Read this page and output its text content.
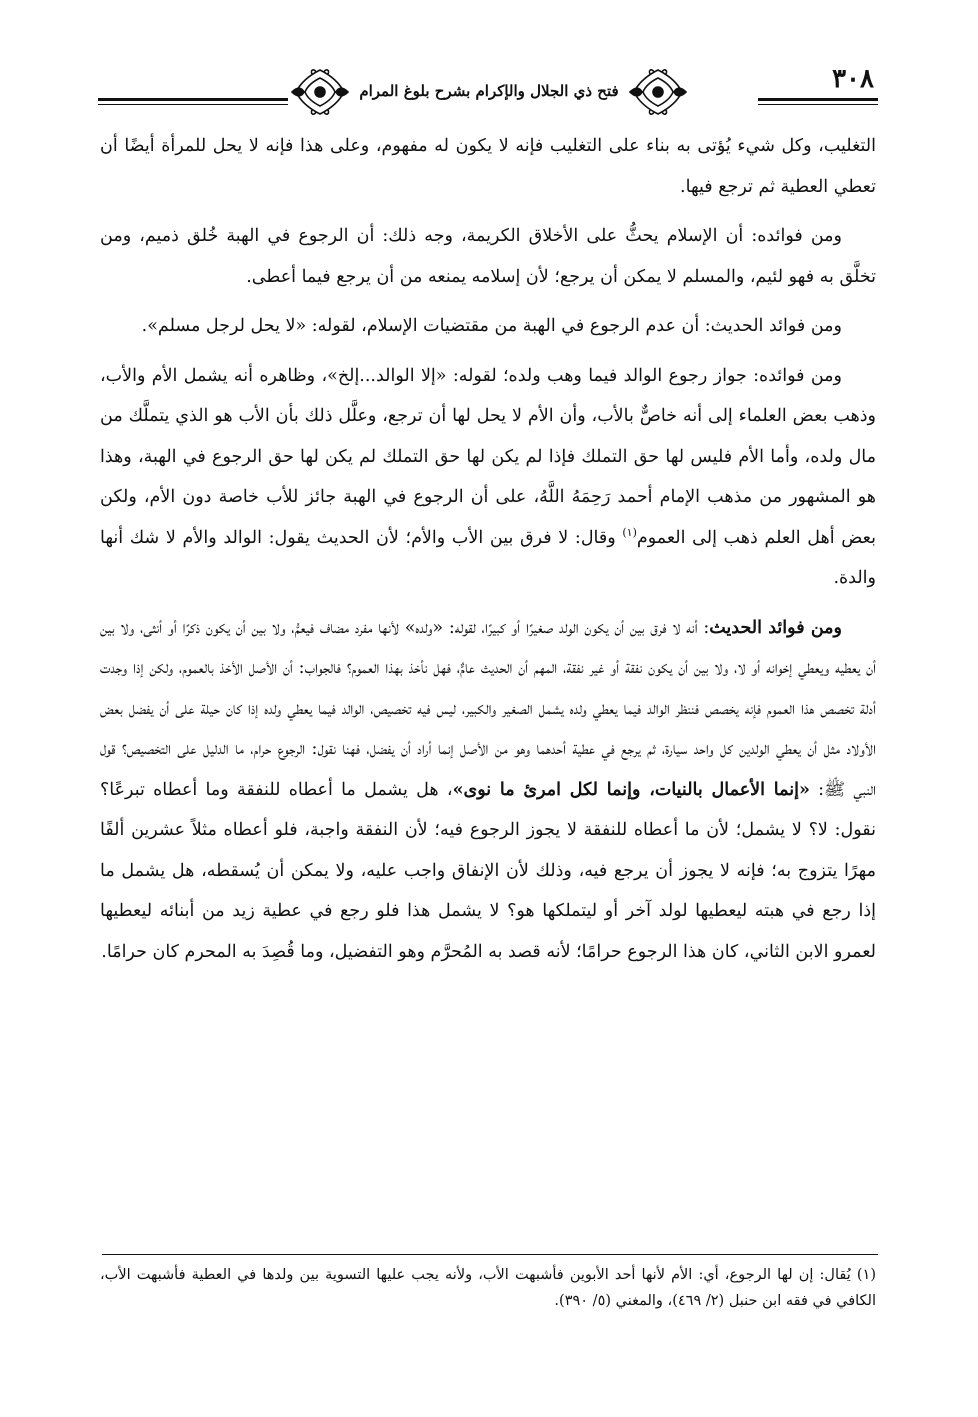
فتح ذي الجلال والإكرام بشرح بلوغ المرام	٣٠٨

التغليب، وكل شيء يُؤتى به بناء على التغليب فإنه لا يكون له مفهوم، وعلى هذا فإنه لا يحل للمرأة أيضًا أن تعطي العطية ثم ترجع فيها.

ومن فوائده: أن الإسلام يحثُّ على الأخلاق الكريمة، وجه ذلك: أن الرجوع في الهبة خُلق ذميم، ومن تخلَّق به فهو لئيم، والمسلم لا يمكن أن يرجع؛ لأن إسلامه يمنعه من أن يرجع فيما أعطى.

ومن فوائد الحديث: أن عدم الرجوع في الهبة من مقتضيات الإسلام، لقوله: «لا يحل لرجل مسلم».

ومن فوائده: جواز رجوع الوالد فيما وهب ولده؛ لقوله: «إلا الوالد...إلخ»، وظاهره أنه يشمل الأم والأب، وذهب بعض العلماء إلى أنه خاصٌّ بالأب، وأن الأم لا يحل لها أن ترجع، وعلَّل ذلك بأن الأب هو الذي يتملَّك من مال ولده، وأما الأم فليس لها حق التملك فإذا لم يكن لها حق التملك لم يكن لها حق الرجوع في الهبة، وهذا هو المشهور من مذهب الإمام أحمد رَحِمَهُ اللَّهُ، على أن الرجوع في الهبة جائز للأب خاصة دون الأم، ولكن بعض أهل العلم ذهب إلى العموم$^{(١)}$ وقال: لا فرق بين الأب والأم؛ لأن الحديث يقول: الوالد والأم لا شك أنها والدة.

ومن فوائد الحديث: أنه لا فرق بين أن يكون الولد صغيرًا أو كبيرًا، لقوله: «ولده» لأنها مفرد مضاف فيعمُّ، ولا بين أن يكون ذكرًا أو أنثى، ولا بين أن يعطيه ويعطي إخوانه أو لا، ولا بين أن يكون نفقة أو غير نفقة، المهم أن الحديث عامٌّ، فهل نأخذ بهذا العموم؟ فالجواب: أن الأصل الأخذ بالعموم، ولكن إذا وجدت أدلة تخصص هذا العموم فإنه يخصص فننظر الوالد فيما يعطي ولده يشمل الصغير والكبير، ليس فيه تخصيص، الوالد فيما يعطي ولده إذا كان حيلة على أن يفضل بعض الأولاد مثل أن يعطي الولدين كل واحد سيارة، ثم يرجع في عطية أحدهما وهو من الأصل إنما أراد أن يفضل، فهنا نقول: الرجوع حرام، ما الدليل على التخصيص؟ قول النبي ﷺ: «إنما الأعمال بالنيات، وإنما لكل امرئ ما نوى»، هل يشمل ما أعطاه للنفقة وما أعطاه تبرعًا؟ نقول: لا؟ لا يشمل؛ لأن ما أعطاه للنفقة لا يجوز الرجوع فيه؛ لأن النفقة واجبة، فلو أعطاه مثلاً عشرين ألفًا مهرًا يتزوج به؛ فإنه لا يجوز أن يرجع فيه، وذلك لأن الإنفاق واجب عليه، ولا يمكن أن يُسقطه، هل يشمل ما إذا رجع في هبته ليعطيها لولد آخر أو ليتملكها هو؟ لا يشمل هذا فلو رجع في عطية زيد من أبنائه ليعطيها لعمرو الابن الثاني، كان هذا الرجوع حرامًا؛ لأنه قصد به المُحرَّم وهو التفضيل، وما قُصِدَ به المحرم كان حرامًا.

(١) يُقال: إن لها الرجوع، أي: الأم لأنها أحد الأبوين فأشبهت الأب، ولأنه يجب عليها التسوية بين ولدها في العطية فأشبهت الأب، الكافي في فقه ابن حنبل (٢/ ٤٦٩)، والمغني (٥/ ٣٩٠).
